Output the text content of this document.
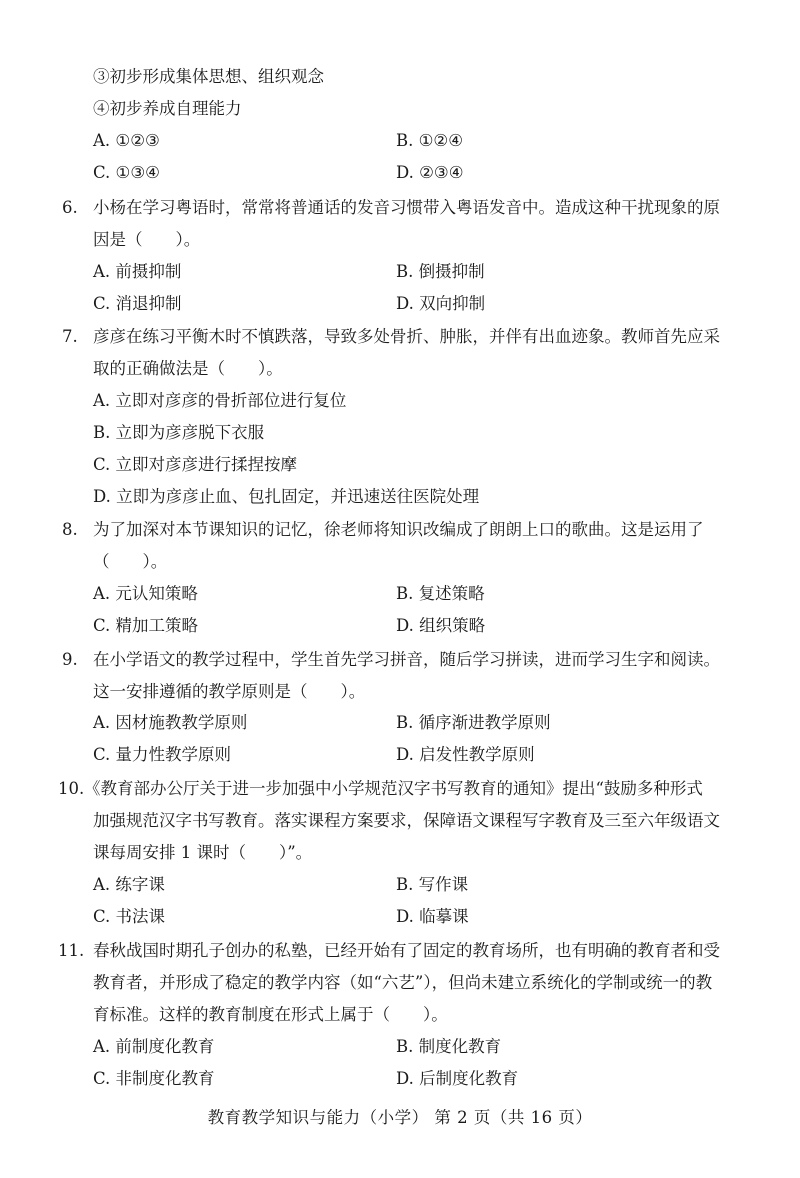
③初步形成集体思想、组织观念
④初步养成自理能力
A. ①②③	B. ①②④
C. ①③④	D. ②③④
6. 小杨在学习粤语时，常常将普通话的发音习惯带入粤语发音中。造成这种干扰现象的原
因是（　　）。
A. 前摄抑制	B. 倒摄抑制
C. 消退抑制	D. 双向抑制
7. 彦彦在练习平衡木时不慎跌落，导致多处骨折、肿胀，并伴有出血迹象。教师首先应采
取的正确做法是（　　）。
A. 立即对彦彦的骨折部位进行复位
B. 立即为彦彦脱下衣服
C. 立即对彦彦进行揉捏按摩
D. 立即为彦彦止血、包扎固定，并迅速送往医院处理
8. 为了加深对本节课知识的记忆，徐老师将知识改编成了朗朗上口的歌曲。这是运用了
（　　）。
A. 元认知策略	B. 复述策略
C. 精加工策略	D. 组织策略
9. 在小学语文的教学过程中，学生首先学习拼音，随后学习拼读，进而学习生字和阅读。
这一安排遵循的教学原则是（　　）。
A. 因材施教教学原则	B. 循序渐进教学原则
C. 量力性教学原则	D. 启发性教学原则
10. 《教育部办公厅关于进一步加强中小学规范汉字书写教育的通知》提出“鼓励多种形式
加强规范汉字书写教育。落实课程方案要求，保障语文课程写字教育及三至六年级语文
课每周安排 1 课时（　　）”。
A. 练字课	B. 写作课
C. 书法课	D. 临摹课
11. 春秋战国时期孔子创办的私塾，已经开始有了固定的教育场所，也有明确的教育者和受
教育者，并形成了稳定的教学内容（如“六艺”），但尚未建立系统化的学制或统一的教
育标准。这样的教育制度在形式上属于（　　）。
A. 前制度化教育	B. 制度化教育
C. 非制度化教育	D. 后制度化教育
教育教学知识与能力（小学） 第 2 页（共 16 页）
